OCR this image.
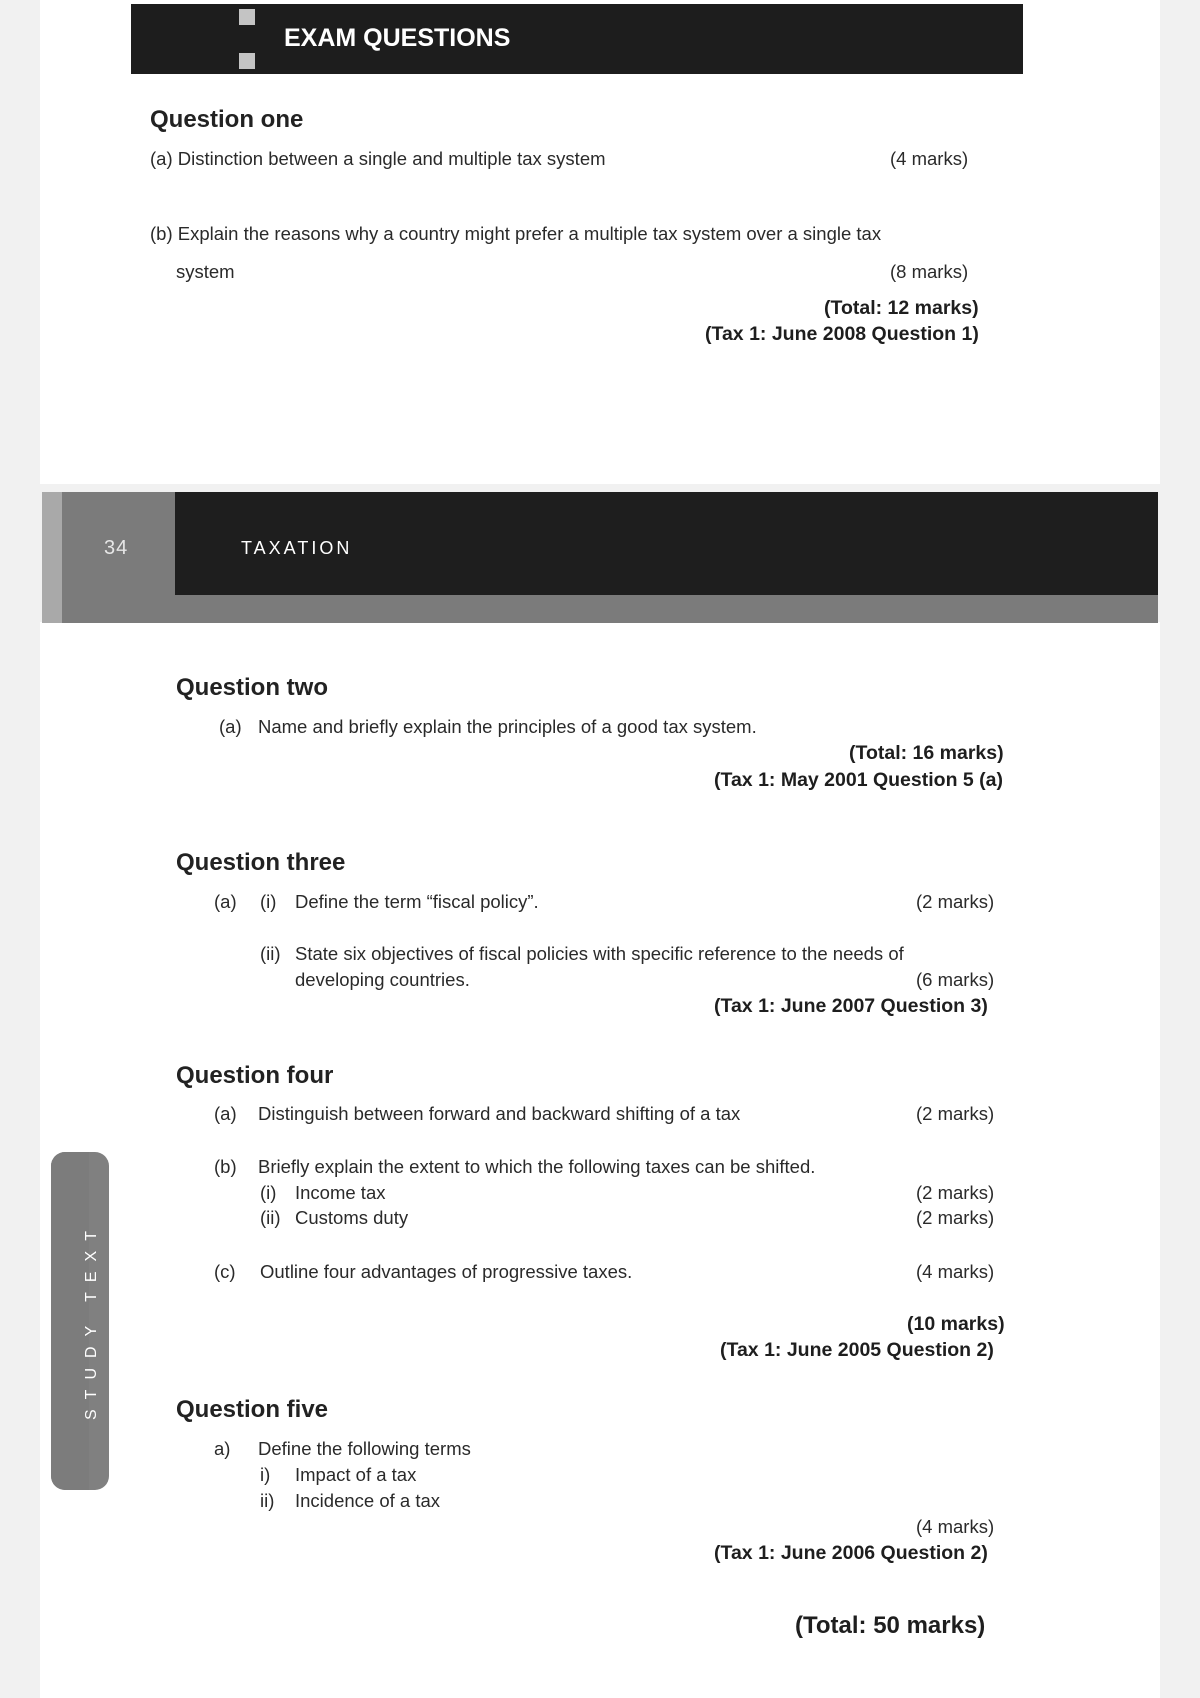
EXAM QUESTIONS
Question one
(a) Distinction between a single and multiple tax system	(4 marks)
(b) Explain the reasons why a country might prefer a multiple tax system over a single tax
system	(8 marks)
(Total: 12 marks)
(Tax 1: June 2008 Question 1)
34	TAXATION
Question two
(a) Name and briefly explain the principles of a good tax system.
(Total: 16 marks)
(Tax 1: May 2001 Question 5 (a)
Question three
(a) (i) Define the term “fiscal policy”.	(2 marks)
(ii) State six objectives of fiscal policies with specific reference to the needs of
developing countries.	(6 marks)
(Tax 1: June 2007 Question 3)
Question four
(a) Distinguish between forward and backward shifting of a tax	(2 marks)
(b) Briefly explain the extent to which the following taxes can be shifted.
(i) Income tax	(2 marks)
(ii) Customs duty	(2 marks)
(c) Outline four advantages of progressive taxes.	(4 marks)
(10 marks)
(Tax 1: June 2005 Question 2)
Question five
a) Define the following terms
i) Impact of a tax
ii) Incidence of a tax
(4 marks)
(Tax 1: June 2006 Question 2)
(Total: 50 marks)
STUDY TEXT
